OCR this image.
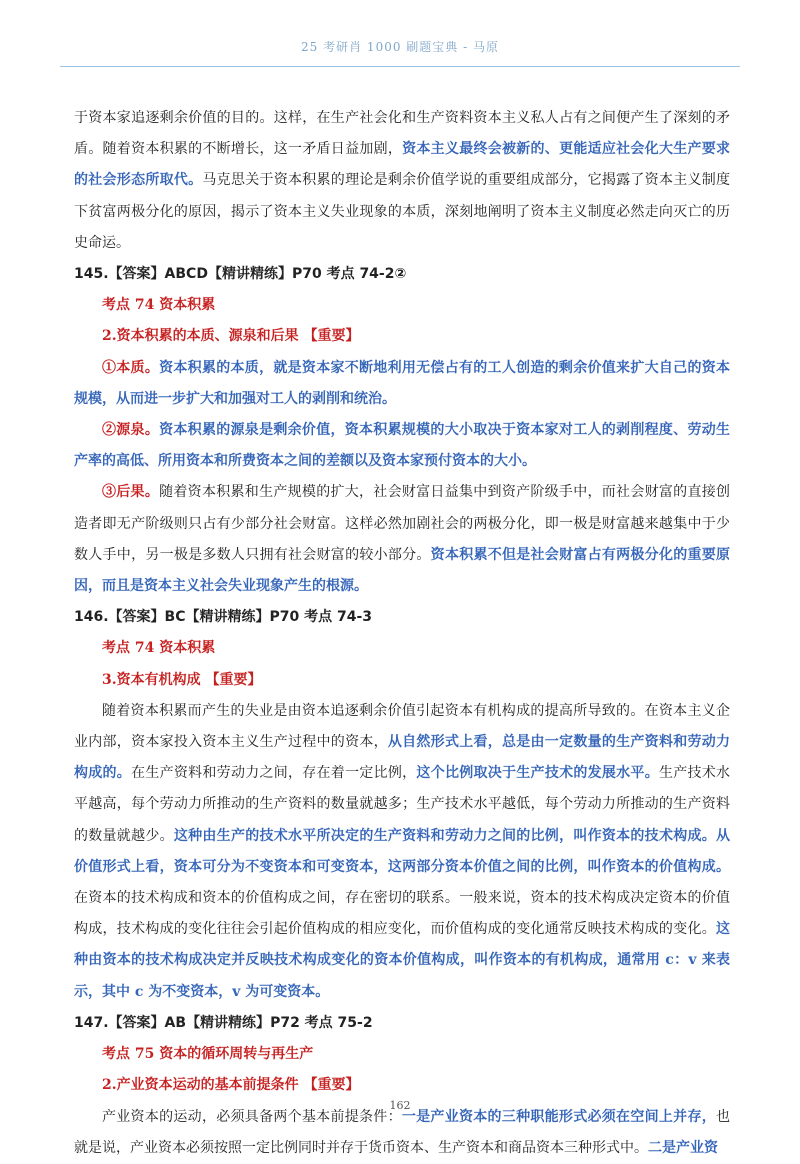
25 考研肖 1000 刷题宝典 - 马原

于资本家追逐剩余价值的目的。这样，在生产社会化和生产资料资本主义私人占有之间便产生了深刻的矛盾。随着资本积累的不断增长，这一矛盾日益加剧，资本主义最终会被新的、更能适应社会化大生产要求的社会形态所取代。马克思关于资本积累的理论是剩余价值学说的重要组成部分，它揭露了资本主义制度下贫富两极分化的原因，揭示了资本主义失业现象的本质，深刻地阐明了资本主义制度必然走向灭亡的历史命运。

145.【答案】ABCD【精讲精练】P70 考点 74-2②

考点 74 资本积累

2.资本积累的本质、源泉和后果 【重要】

①本质。资本积累的本质，就是资本家不断地利用无偿占有的工人创造的剩余价值来扩大自己的资本规模，从而进一步扩大和加强对工人的剥削和统治。

②源泉。资本积累的源泉是剩余价值，资本积累规模的大小取决于资本家对工人的剥削程度、劳动生产率的高低、所用资本和所费资本之间的差额以及资本家预付资本的大小。

③后果。随着资本积累和生产规模的扩大，社会财富日益集中到资产阶级手中，而社会财富的直接创造者即无产阶级则只占有少部分社会财富。这样必然加剧社会的两极分化，即一极是财富越来越集中于少数人手中，另一极是多数人只拥有社会财富的较小部分。资本积累不但是社会财富占有两极分化的重要原因，而且是资本主义社会失业现象产生的根源。

146.【答案】BC【精讲精练】P70 考点 74-3

考点 74 资本积累

3.资本有机构成 【重要】

随着资本积累而产生的失业是由资本追逐剩余价值引起资本有机构成的提高所导致的。在资本主义企业内部，资本家投入资本主义生产过程中的资本，从自然形式上看，总是由一定数量的生产资料和劳动力构成的。在生产资料和劳动力之间，存在着一定比例，这个比例取决于生产技术的发展水平。生产技术水平越高，每个劳动力所推动的生产资料的数量就越多；生产技术水平越低，每个劳动力所推动的生产资料的数量就越少。这种由生产的技术水平所决定的生产资料和劳动力之间的比例，叫作资本的技术构成。从价值形式上看，资本可分为不变资本和可变资本，这两部分资本价值之间的比例，叫作资本的价值构成。在资本的技术构成和资本的价值构成之间，存在密切的联系。一般来说，资本的技术构成决定资本的价值构成，技术构成的变化往往会引起价值构成的相应变化，而价值构成的变化通常反映技术构成的变化。这种由资本的技术构成决定并反映技术构成变化的资本价值构成，叫作资本的有机构成，通常用 c：v 来表示，其中 c 为不变资本，v 为可变资本。

147.【答案】AB【精讲精练】P72 考点 75-2

考点 75 资本的循环周转与再生产

2.产业资本运动的基本前提条件 【重要】

产业资本的运动，必须具备两个基本前提条件：一是产业资本的三种职能形式必须在空间上并存，也就是说，产业资本必须按照一定比例同时并存于货币资本、生产资本和商品资本三种形式中。二是产业资

162
